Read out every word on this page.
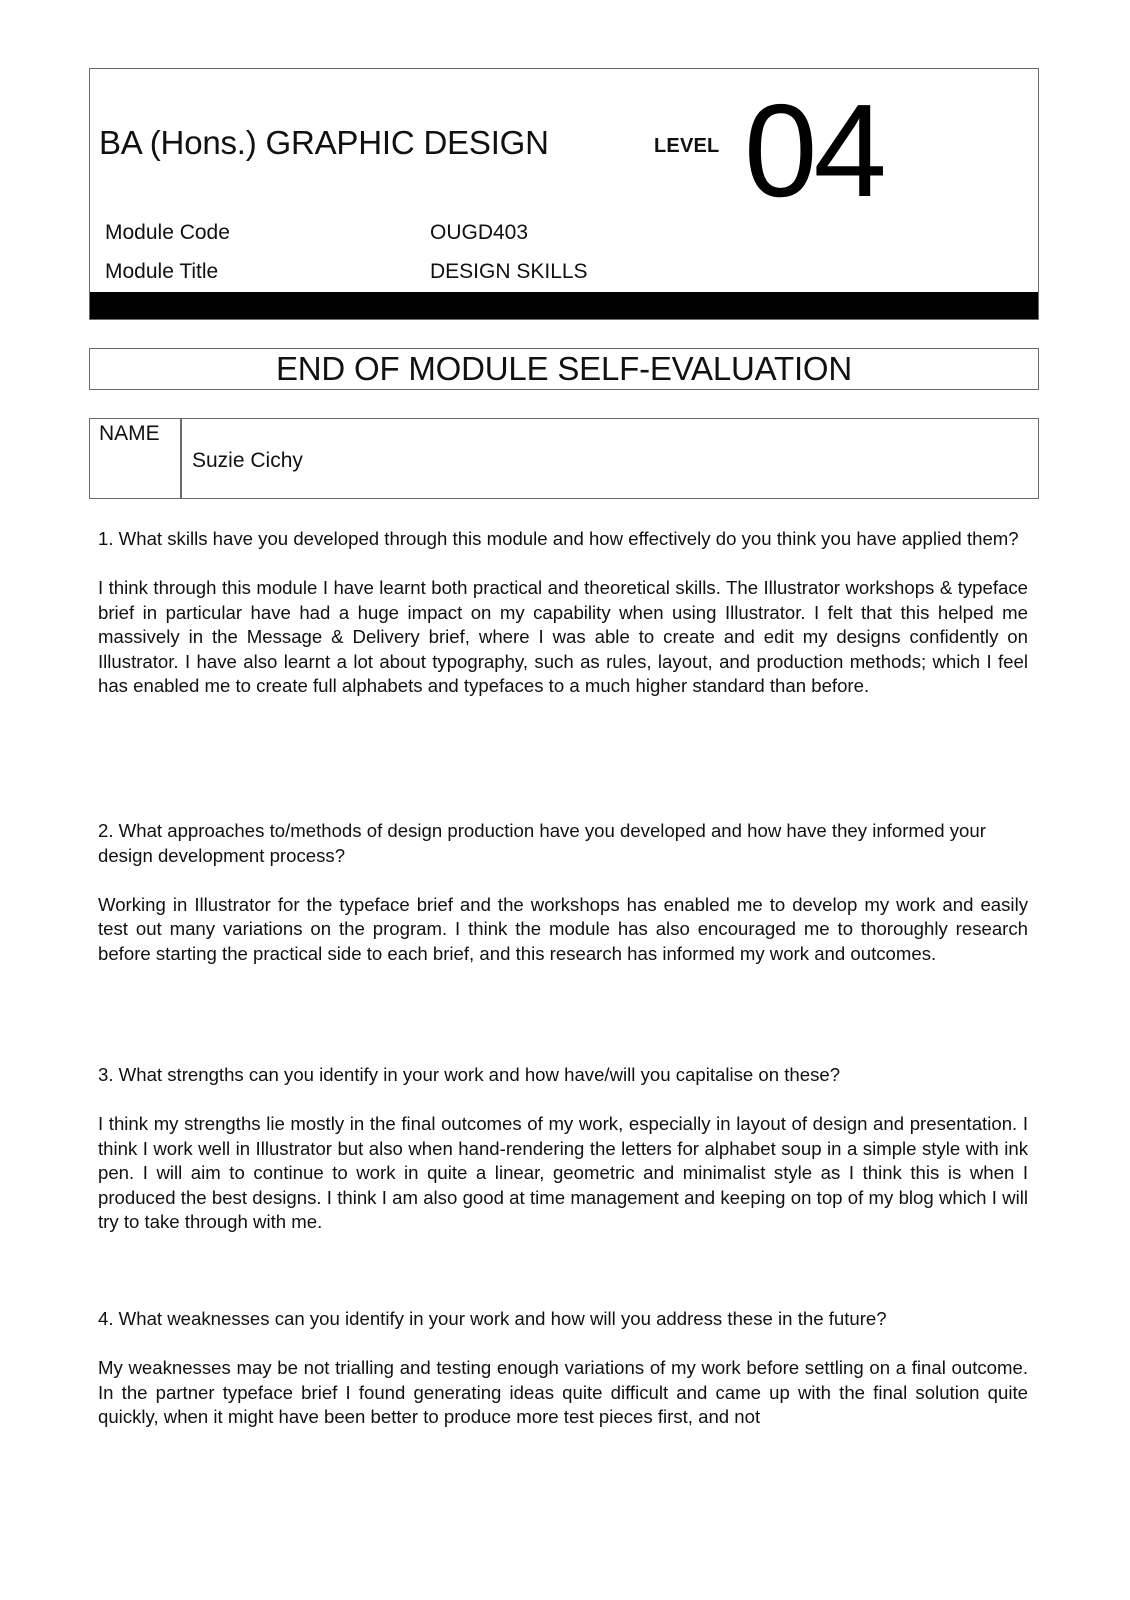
BA (Hons.) GRAPHIC DESIGN	LEVEL 04
Module Code	OUGD403
Module Title	DESIGN SKILLS
END OF MODULE SELF-EVALUATION
NAME
Suzie Cichy

1. What skills have you developed through this module and how effectively do you think you have applied them?

I think through this module I have learnt both practical and theoretical skills. The Illustrator workshops & typeface brief in particular have had a huge impact on my capability when using Illustrator. I felt that this helped me massively in the Message & Delivery brief, where I was able to create and edit my designs confidently on Illustrator. I have also learnt a lot about typography, such as rules, layout, and production methods; which I feel has enabled me to create full alphabets and typefaces to a much higher standard than before.

2. What approaches to/methods of design production have you developed and how have they informed your design development process?

Working in Illustrator for the typeface brief and the workshops has enabled me to develop my work and easily test out many variations on the program. I think the module has also encouraged me to thoroughly research before starting the practical side to each brief, and this research has informed my work and outcomes.

3. What strengths can you identify in your work and how have/will you capitalise on these?

I think my strengths lie mostly in the final outcomes of my work, especially in layout of design and presentation. I think I work well in Illustrator but also when hand-rendering the letters for alphabet soup in a simple style with ink pen. I will aim to continue to work in quite a linear, geometric and minimalist style as I think this is when I produced the best designs. I think I am also good at time management and keeping on top of my blog which I will try to take through with me.

4. What weaknesses can you identify in your work and how will you address these in the future?

My weaknesses may be not trialling and testing enough variations of my work before settling on a final outcome. In the partner typeface brief I found generating ideas quite difficult and came up with the final solution quite quickly, when it might have been better to produce more test pieces first, and not
